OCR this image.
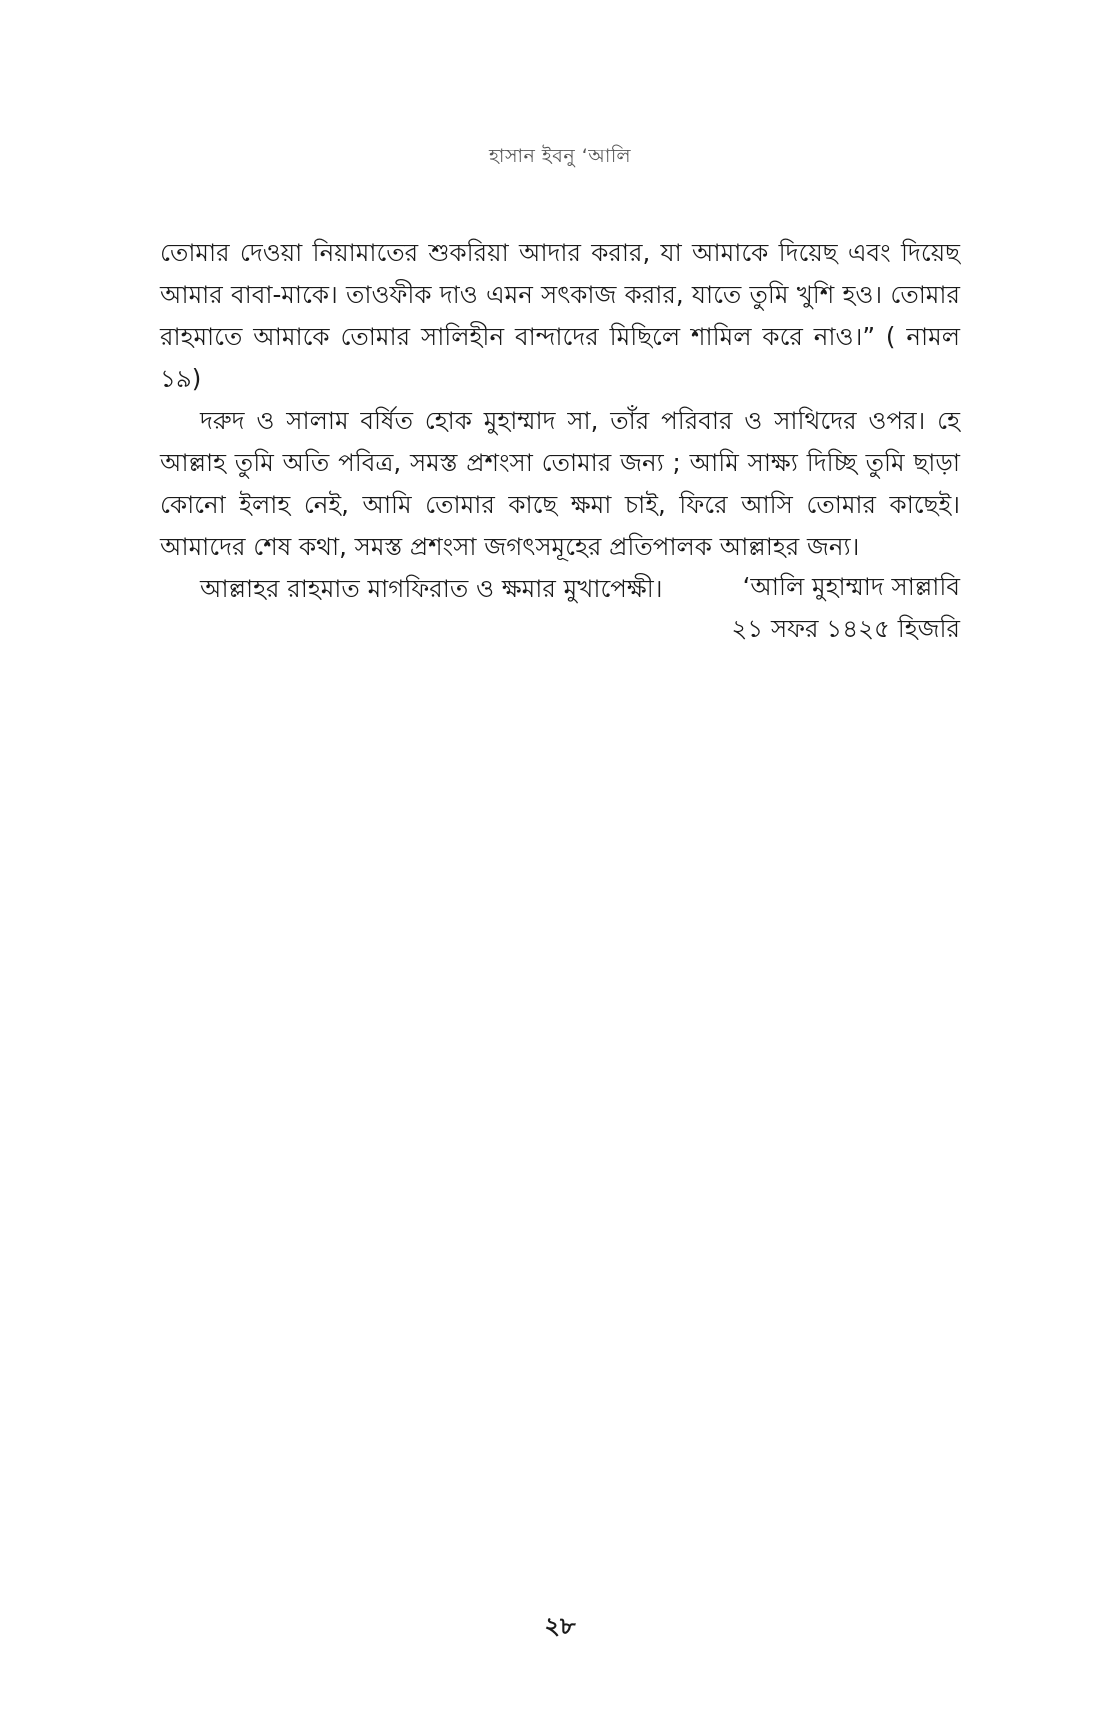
হাসান ইবনু ‘আলি

তোমার দেওয়া নিয়ামাতের শুকরিয়া আদার করার, যা আমাকে দিয়েছ এবং দিয়েছ আমার বাবা-মাকে। তাওফীক দাও এমন সৎকাজ করার, যাতে তুমি খুশি হও। তোমার রাহমাতে আমাকে তোমার সালিহীন বান্দাদের মিছিলে শামিল করে নাও।” ( নামল ১৯)

দরুদ ও সালাম বর্ষিত হোক মুহাম্মাদ সা, তাঁর পরিবার ও সাথিদের ওপর। হে আল্লাহ তুমি অতি পবিত্র, সমস্ত প্রশংসা তোমার জন্য ; আমি সাক্ষ্য দিচ্ছি তুমি ছাড়া কোনো ইলাহ নেই, আমি তোমার কাছে ক্ষমা চাই, ফিরে আসি তোমার কাছেই। আমাদের শেষ কথা, সমস্ত প্রশংসা জগৎসমূহের প্রতিপালক আল্লাহর জন্য।

আল্লাহর রাহমাত মাগফিরাত ও ক্ষমার মুখাপেক্ষী।	‘আলি মুহাম্মাদ সাল্লাবি
২১ সফর ১৪২৫ হিজরি
২৮
